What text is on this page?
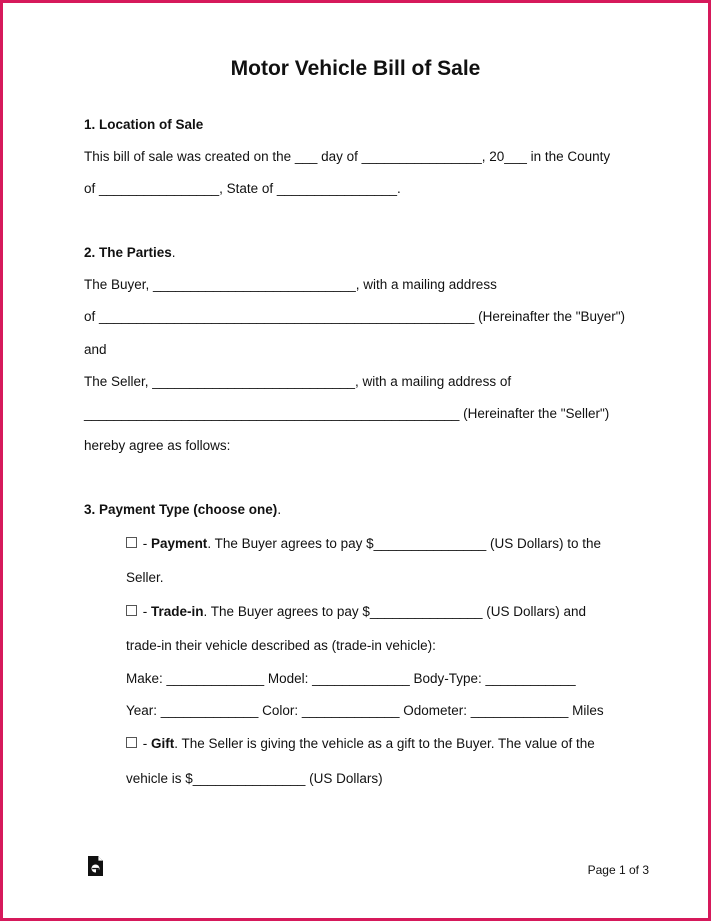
Motor Vehicle Bill of Sale
1. Location of Sale
This bill of sale was created on the ___ day of ________________, 20___ in the County
of ________________, State of ________________.
2. The Parties.
The Buyer, ___________________________, with a mailing address
of __________________________________________________ (Hereinafter the "Buyer")
and
The Seller, ___________________________, with a mailing address of
__________________________________________________ (Hereinafter the "Seller")
hereby agree as follows:
3. Payment Type (choose one).
- Payment. The Buyer agrees to pay $_______________ (US Dollars) to the
Seller.
- Trade-in. The Buyer agrees to pay $_______________ (US Dollars) and
trade-in their vehicle described as (trade-in vehicle):
Make: _____________ Model: _____________ Body-Type: ____________
Year: _____________ Color: _____________ Odometer: _____________ Miles
- Gift. The Seller is giving the vehicle as a gift to the Buyer. The value of the
vehicle is $_______________ (US Dollars)
Page 1 of 3
